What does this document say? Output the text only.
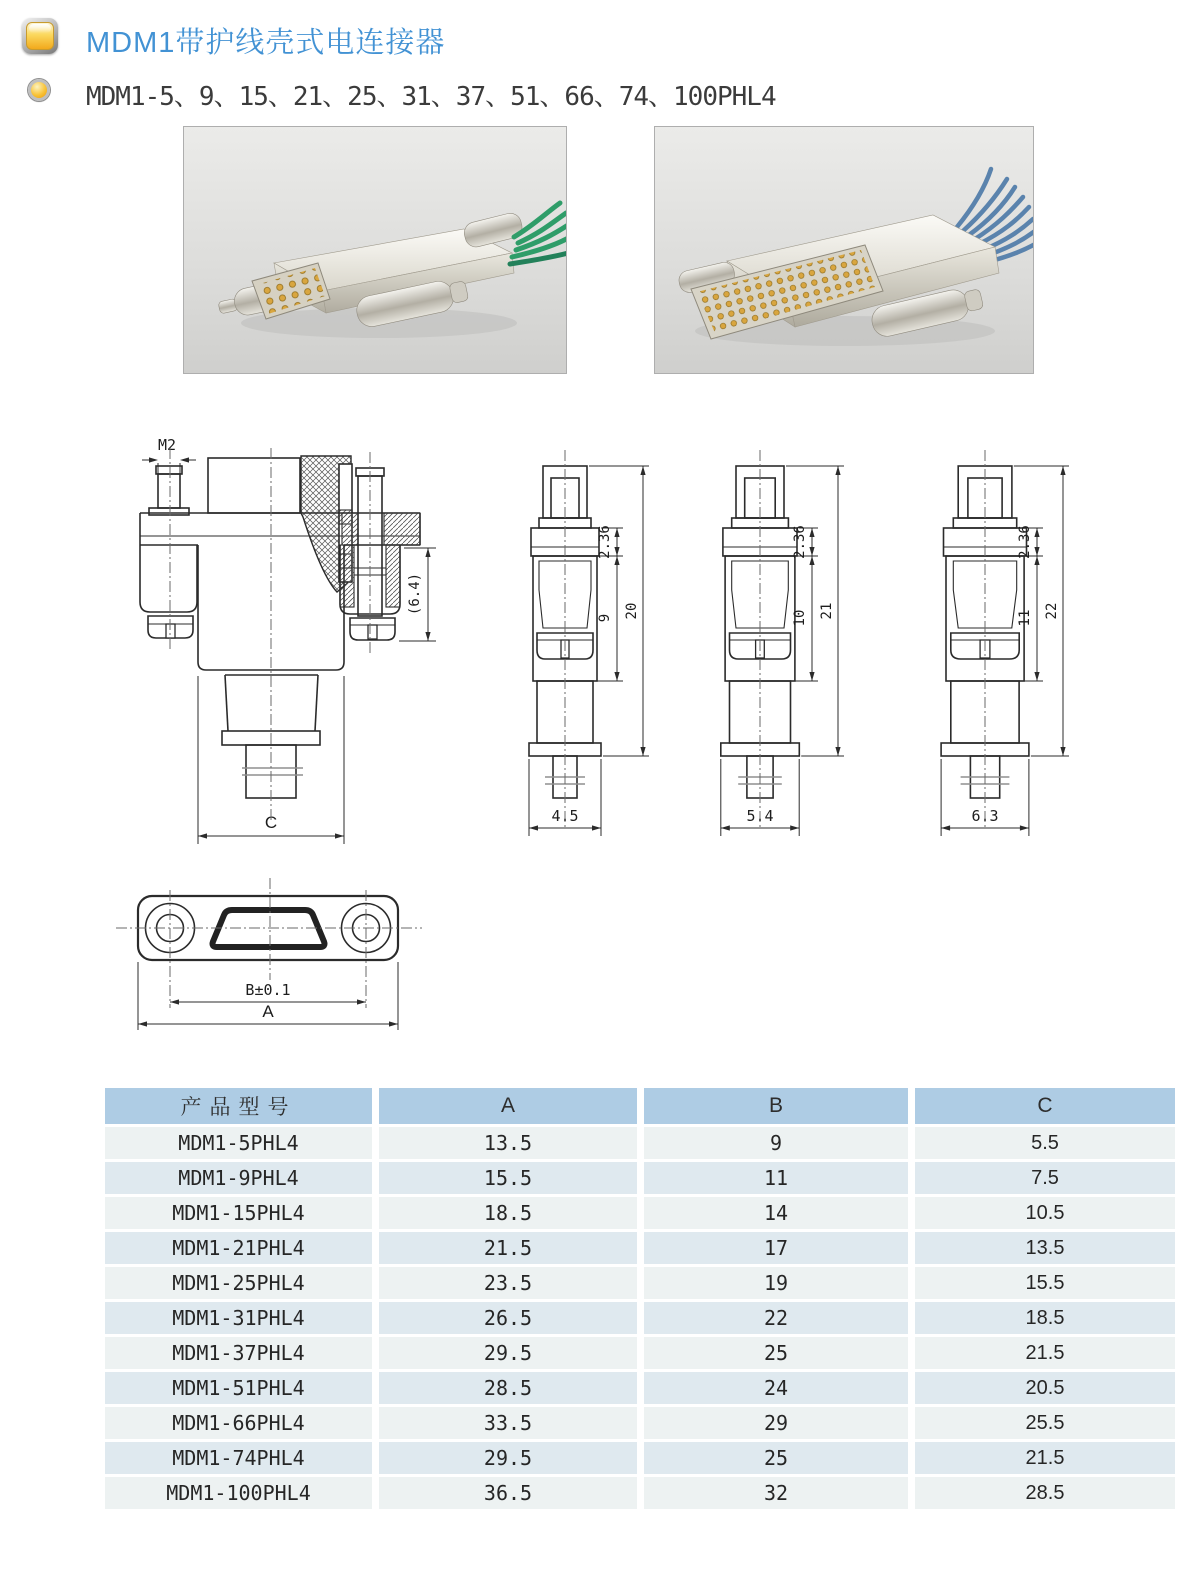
MDM1带护线壳式电连接器
MDM1-5、9、15、21、25、31、37、51、66、74、100PHL4
M2
(6.4)
C
2.36
9 20
4.5
2.36
10 21
5.4
2.36
11 22
6.3
B±0.1
A
产品型号	A	B	C
MDM1-5PHL4	13.5	9	5.5
MDM1-9PHL4	15.5	11	7.5
MDM1-15PHL4	18.5	14	10.5
MDM1-21PHL4	21.5	17	13.5
MDM1-25PHL4	23.5	19	15.5
MDM1-31PHL4	26.5	22	18.5
MDM1-37PHL4	29.5	25	21.5
MDM1-51PHL4	28.5	24	20.5
MDM1-66PHL4	33.5	29	25.5
MDM1-74PHL4	29.5	25	21.5
MDM1-100PHL4	36.5	32	28.5
